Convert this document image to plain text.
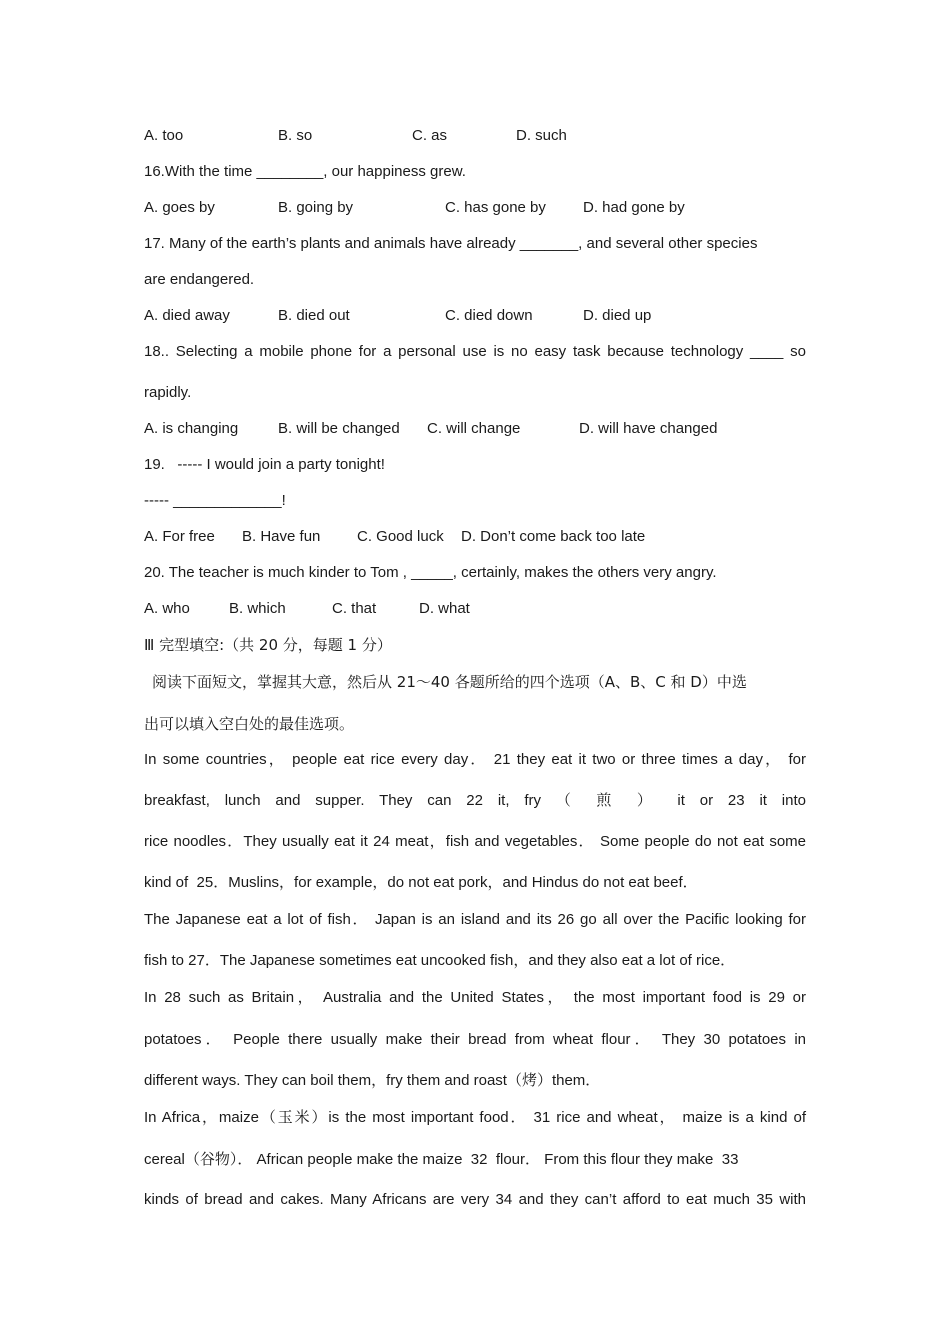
A. too	B. so	C. as	D. such
16.With the time ________, our happiness grew.
A. goes by	B. going by	C. has gone by D. had gone by
17. Many of the earth’s plants and animals have already _______, and several other species
are endangered.
A. died away	B. died out	C. died down	D. died up
18.. Selecting a mobile phone for a personal use is no easy task because technology ____ so
rapidly.
A. is changing	B. will be changed C. will change	D. will have changed
19.   ----- I would join a party tonight!
----- _____________!
A. For free B. Have fun C. Good luck D. Don’t come back too late
20. The teacher is much kinder to Tom , _____, certainly, makes the others very angry.
A. who	B. which	C. that	D. what
Ⅲ 完型填空:（共 20 分，每题 1 分）
阅读下面短文，掌握其大意，然后从 21～40 各题所给的四个选项（A、B、C 和 D）中选
出可以填入空白处的最佳选项。
In some countries， people eat rice every day． 21 they eat it two or three times a day， for
breakfast, lunch and supper. They can 22 it, fry （ 煎 ） it or 23 it into
rice noodles．They usually eat it 24 meat，fish and vegetables． Some people do not eat some
kind of  25．Muslins，for example，do not eat pork，and Hindus do not eat beef．
The Japanese eat a lot of fish． Japan is an island and its 26 go all over the Pacific looking for
fish to 27．The Japanese sometimes eat uncooked fish，and they also eat a lot of rice．
In 28 such as Britain， Australia and the United States， the most important food is 29 or
potatoes． People there usually make their bread from wheat flour． They 30 potatoes in
different ways. They can boil them，fry them and roast（烤）them．
In Africa，maize（玉米）is the most important food． 31 rice and wheat， maize is a kind of
cereal（谷物）． African people make the maize  32  flour． From this flour they make  33
kinds of bread and cakes. Many Africans are very 34 and they can’t afford to eat much 35 with
